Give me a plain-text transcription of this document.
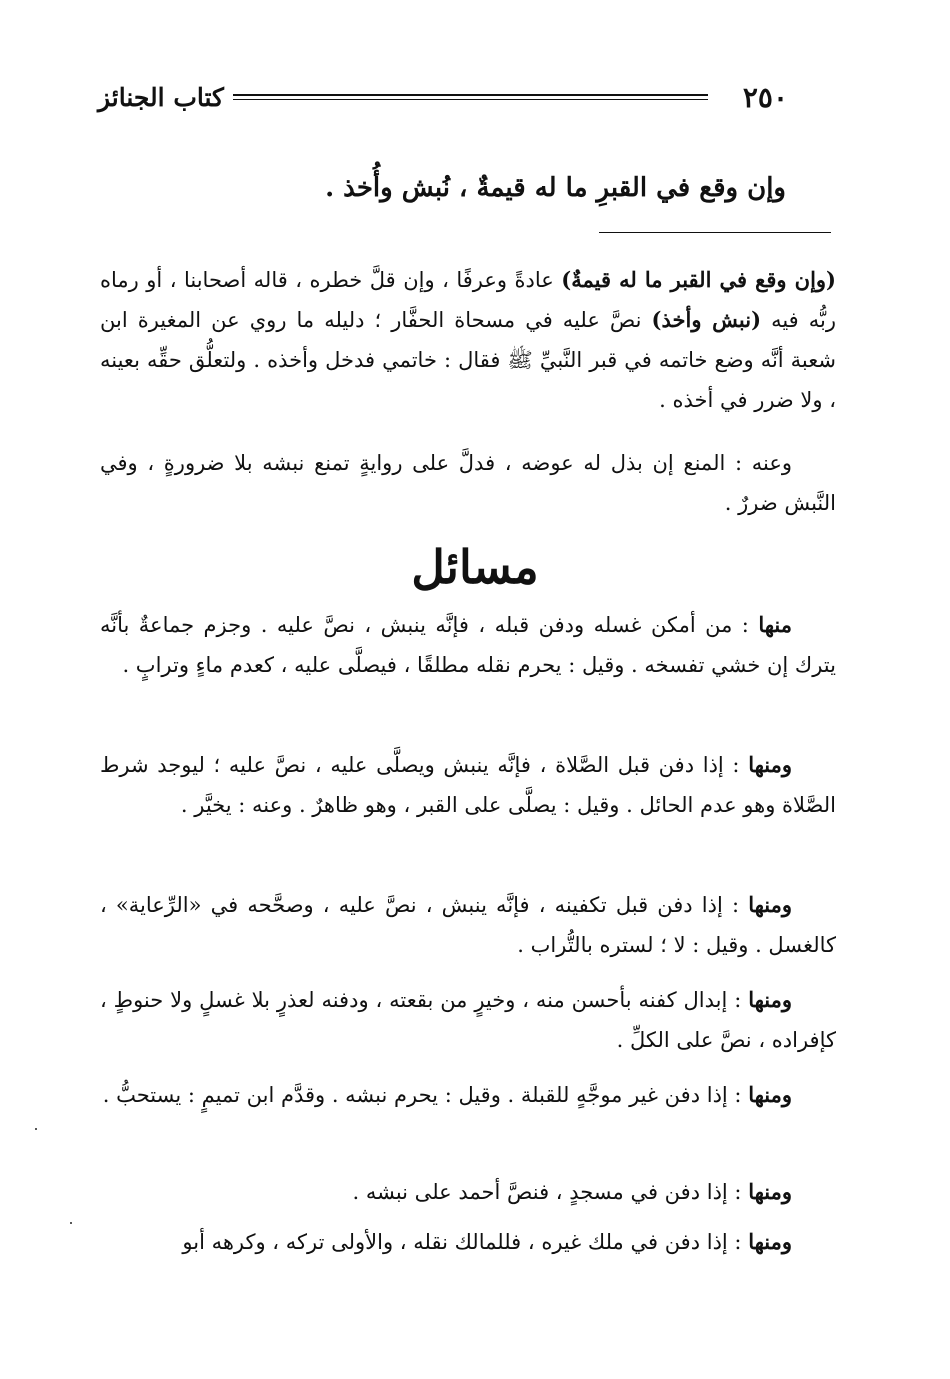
٢٥٠
كتاب الجنائز
وإن وقع في القبرِ ما له قيمةٌ ، نُبش وأُخذ .
(وإن وقع في القبر ما له قيمةٌ) عادةً وعرفًا ، وإن قلَّ خطره ، قاله أصحابنا ، أو رماه ربُّه فيه (نبش وأخذ) نصَّ عليه في مسحاة الحفَّار ؛ دليله ما روي عن المغيرة ابن شعبة أنَّه وضع خاتمه في قبر النَّبيِّ ﷺ فقال : خاتمي فدخل وأخذه . ولتعلُّق حقِّه بعينه ، ولا ضرر في أخذه .
وعنه : المنع إن بذل له عوضه ، فدلَّ على روايةٍ تمنع نبشه بلا ضرورةٍ ، وفي النَّبش ضررٌ .
مسائل
منها : من أمكن غسله ودفن قبله ، فإنَّه ينبش ، نصَّ عليه . وجزم جماعةٌ بأنَّه يترك إن خشي تفسخه . وقيل : يحرم نقله مطلقًا ، فيصلَّى عليه ، كعدم ماءٍ وترابٍ .
ومنها : إذا دفن قبل الصَّلاة ، فإنَّه ينبش ويصلَّى عليه ، نصَّ عليه ؛ ليوجد شرط الصَّلاة وهو عدم الحائل . وقيل : يصلَّى على القبر ، وهو ظاهرٌ . وعنه : يخيَّر .
ومنها : إذا دفن قبل تكفينه ، فإنَّه ينبش ، نصَّ عليه ، وصحَّحه في «الرِّعاية» ، كالغسل . وقيل : لا ؛ لستره بالتُّراب .
ومنها : إبدال كفنه بأحسن منه ، وخيرٍ من بقعته ، ودفنه لعذرٍ بلا غسلٍ ولا حنوطٍ ، كإفراده ، نصَّ على الكلِّ .
ومنها : إذا دفن غير موجَّهٍ للقبلة . وقيل : يحرم نبشه . وقدَّم ابن تميمٍ : يستحبُّ .
ومنها : إذا دفن في مسجدٍ ، فنصَّ أحمد على نبشه .
ومنها : إذا دفن في ملك غيره ، فللمالك نقله ، والأولى تركه ، وكرهه أبو
